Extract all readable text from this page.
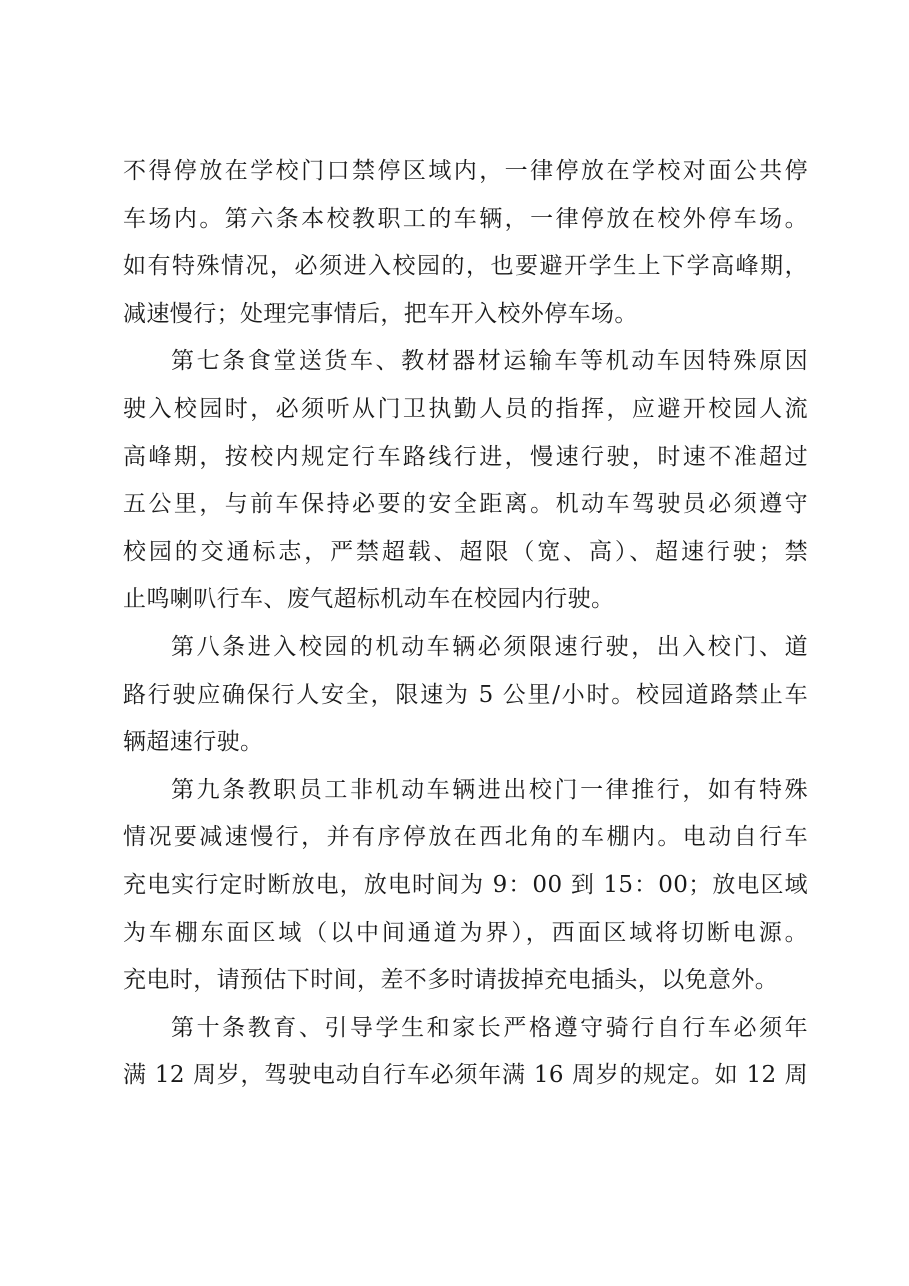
不得停放在学校门口禁停区域内，一律停放在学校对面公共停
车场内。第六条本校教职工的车辆，一律停放在校外停车场。
如有特殊情况，必须进入校园的，也要避开学生上下学高峰期，
减速慢行；处理完事情后，把车开入校外停车场。
第七条食堂送货车、教材器材运输车等机动车因特殊原因
驶入校园时，必须听从门卫执勤人员的指挥，应避开校园人流
高峰期，按校内规定行车路线行进，慢速行驶，时速不准超过
五公里，与前车保持必要的安全距离。机动车驾驶员必须遵守
校园的交通标志，严禁超载、超限（宽、高）、超速行驶；禁
止鸣喇叭行车、废气超标机动车在校园内行驶。
第八条进入校园的机动车辆必须限速行驶，出入校门、道
路行驶应确保行人安全，限速为 5 公里/小时。校园道路禁止车
辆超速行驶。
第九条教职员工非机动车辆进出校门一律推行，如有特殊
情况要减速慢行，并有序停放在西北角的车棚内。电动自行车
充电实行定时断放电，放电时间为 9：00 到 15：00；放电区域
为车棚东面区域（以中间通道为界），西面区域将切断电源。
充电时，请预估下时间，差不多时请拔掉充电插头，以免意外。
第十条教育、引导学生和家长严格遵守骑行自行车必须年
满 12 周岁，驾驶电动自行车必须年满 16 周岁的规定。如 12 周
